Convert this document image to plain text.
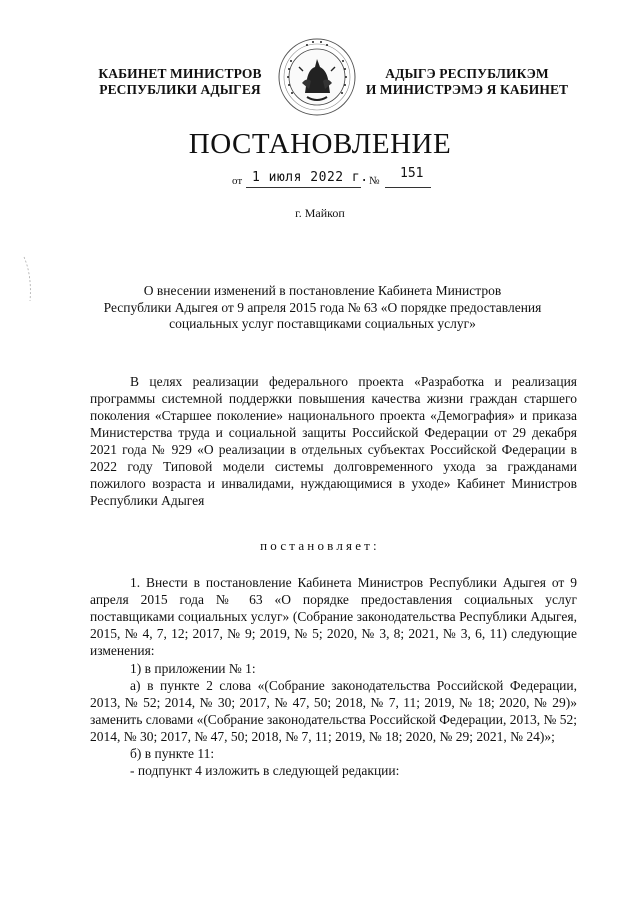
КАБИНЕТ МИНИСТРОВ
РЕСПУБЛИКИ АДЫГЕЯ
АДЫГЭ РЕСПУБЛИКЭМ
И МИНИСТРЭМЭ Я КАБИНЕТ
ПОСТАНОВЛЕНИЕ
от 1 июля 2022 г. № 151
г. Майкоп
О внесении изменений в постановление Кабинета Министров
Республики Адыгея от 9 апреля 2015 года № 63 «О порядке предоставления
социальных услуг поставщиками социальных услуг»
В целях реализации федерального проекта «Разработка и реализация программы системной поддержки повышения качества жизни граждан старшего поколения «Старшее поколение» национального проекта «Демография» и приказа Министерства труда и социальной защиты Российской Федерации от 29 декабря 2021 года № 929 «О реализации в отдельных субъектах Российской Федерации в 2022 году Типовой модели системы долговременного ухода за гражданами пожилого возраста и инвалидами, нуждающимися в уходе» Кабинет Министров Республики Адыгея
постановляет:
1. Внести в постановление Кабинета Министров Республики Адыгея от 9 апреля 2015 года № 63 «О порядке предоставления социальных услуг поставщиками социальных услуг» (Собрание законодательства Республики Адыгея, 2015, № 4, 7, 12; 2017, № 9; 2019, № 5; 2020, № 3, 8; 2021, № 3, 6, 11) следующие изменения:
1) в приложении № 1:
а) в пункте 2 слова «(Собрание законодательства Российской Федерации, 2013, № 52; 2014, № 30; 2017, № 47, 50; 2018, № 7, 11; 2019, № 18; 2020, № 29)» заменить словами «(Собрание законодательства Российской Федерации, 2013, № 52; 2014, № 30; 2017, № 47, 50; 2018, № 7, 11; 2019, № 18; 2020, № 29; 2021, № 24)»;
б) в пункте 11:
- подпункт 4 изложить в следующей редакции:
